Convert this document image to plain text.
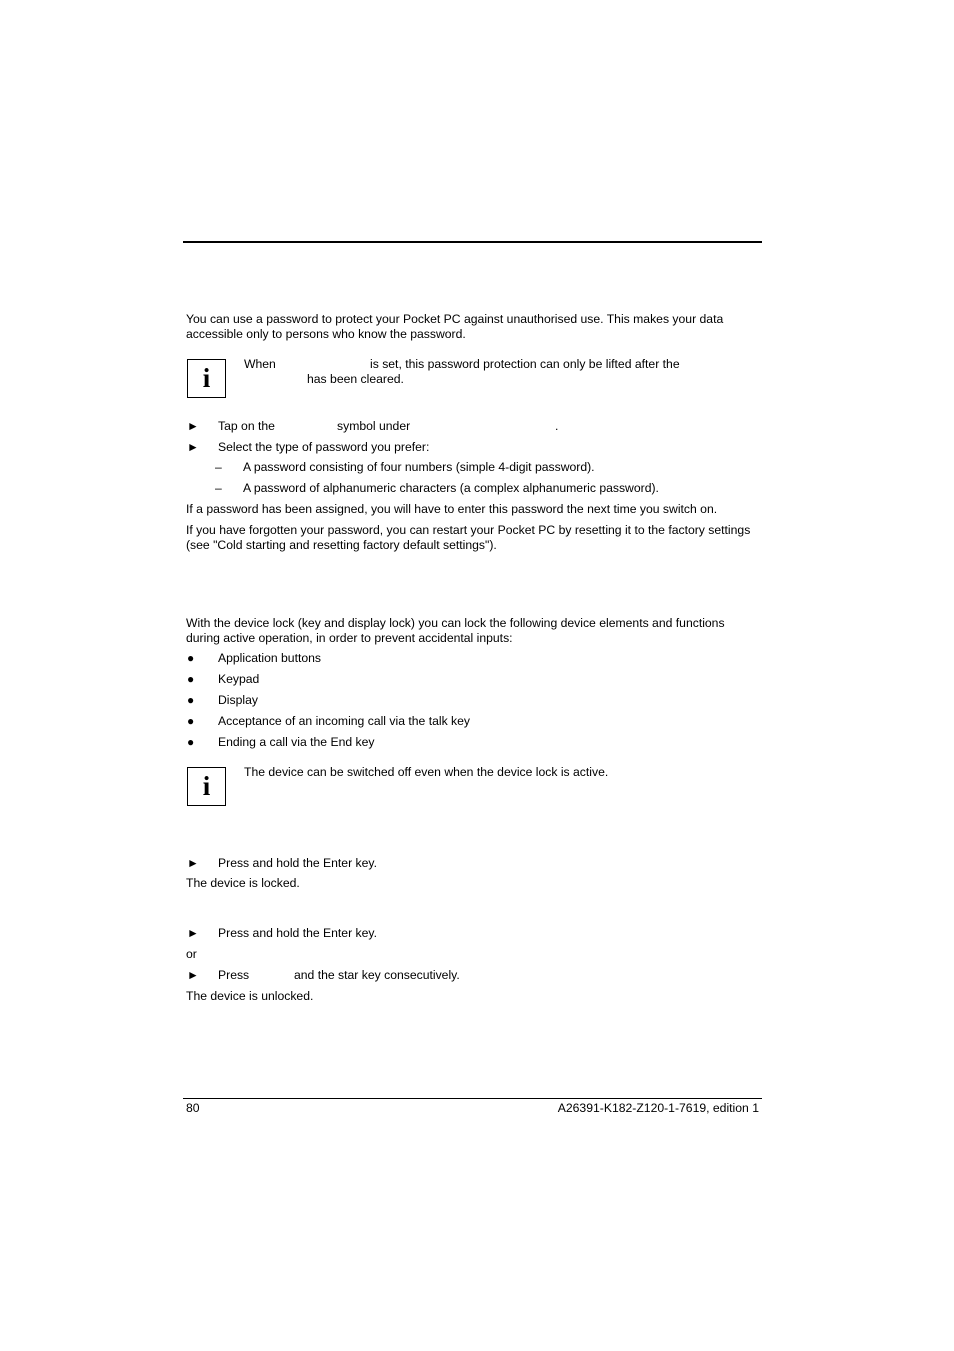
You can use a password to protect your Pocket PC against unauthorised use. This makes your data accessible only to persons who know the password.
i	When	is set, this password protection can only be lifted after the
has been cleared.
► Tap on the	symbol under	.
► Select the type of password you prefer:
– A password consisting of four numbers (simple 4-digit password).
– A password of alphanumeric characters (a complex alphanumeric password).
If a password has been assigned, you will have to enter this password the next time you switch on.
If you have forgotten your password, you can restart your Pocket PC by resetting it to the factory settings (see "Cold starting and resetting factory default settings").
With the device lock (key and display lock) you can lock the following device elements and functions during active operation, in order to prevent accidental inputs:
● Application buttons
● Keypad
● Display
● Acceptance of an incoming call via the talk key
● Ending a call via the End key
i	The device can be switched off even when the device lock is active.
► Press and hold the Enter key.
The device is locked.
► Press and hold the Enter key.
or
► Press	and the star key consecutively.
The device is unlocked.
80	A26391-K182-Z120-1-7619, edition 1
